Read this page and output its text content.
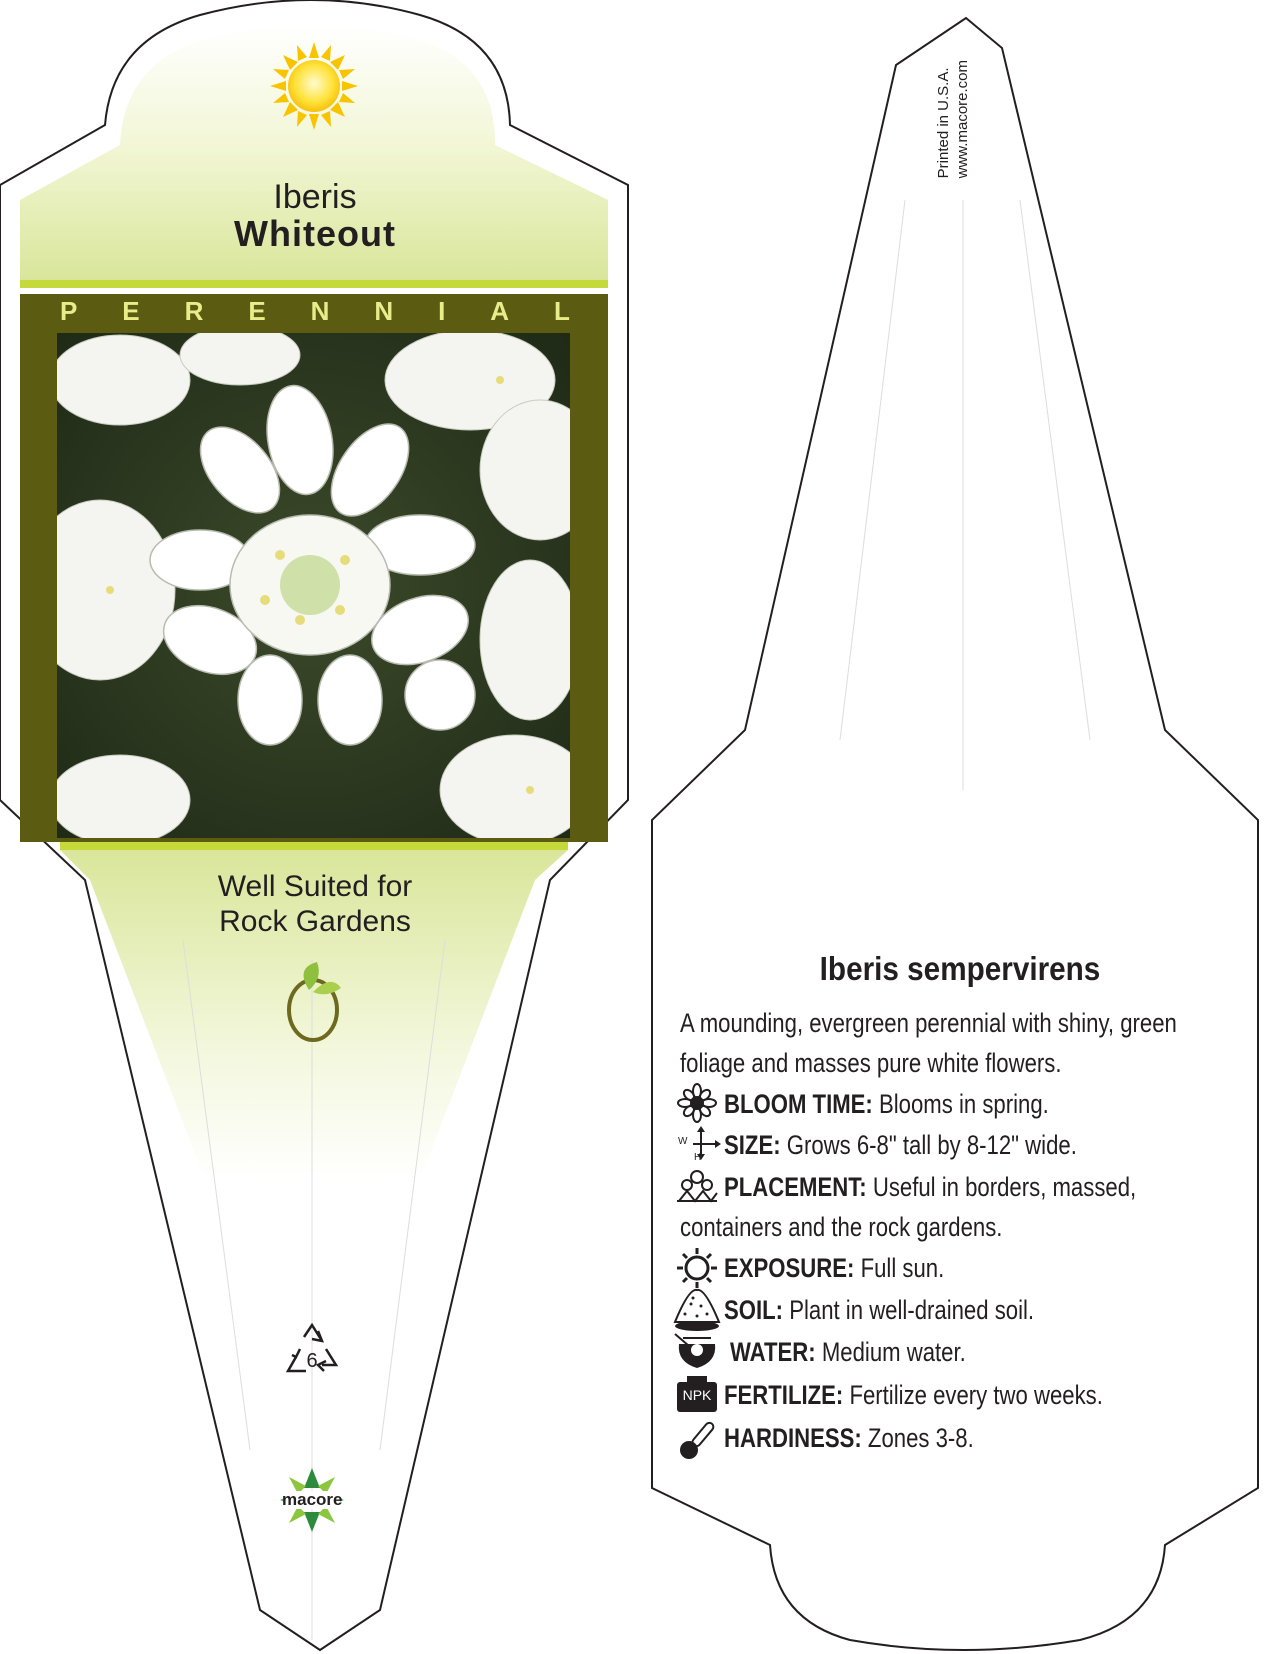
Iberis
Whiteout
P E R E N N I A L
Well Suited for
Rock Gardens
6
macore
Printed in U.S.A. www.macore.com
Iberis sempervirens
A mounding, evergreen perennial with shiny, green
foliage and masses pure white flowers.
BLOOM TIME: Blooms in spring.
W
H SIZE: Grows 6-8" tall by 8-12" wide.
PLACEMENT: Useful in borders, massed,
containers and the rock gardens.
EXPOSURE: Full sun.
SOIL: Plant in well-drained soil.
WATER: Medium water.
NPK FERTILIZE: Fertilize every two weeks.
HARDINESS: Zones 3-8.
